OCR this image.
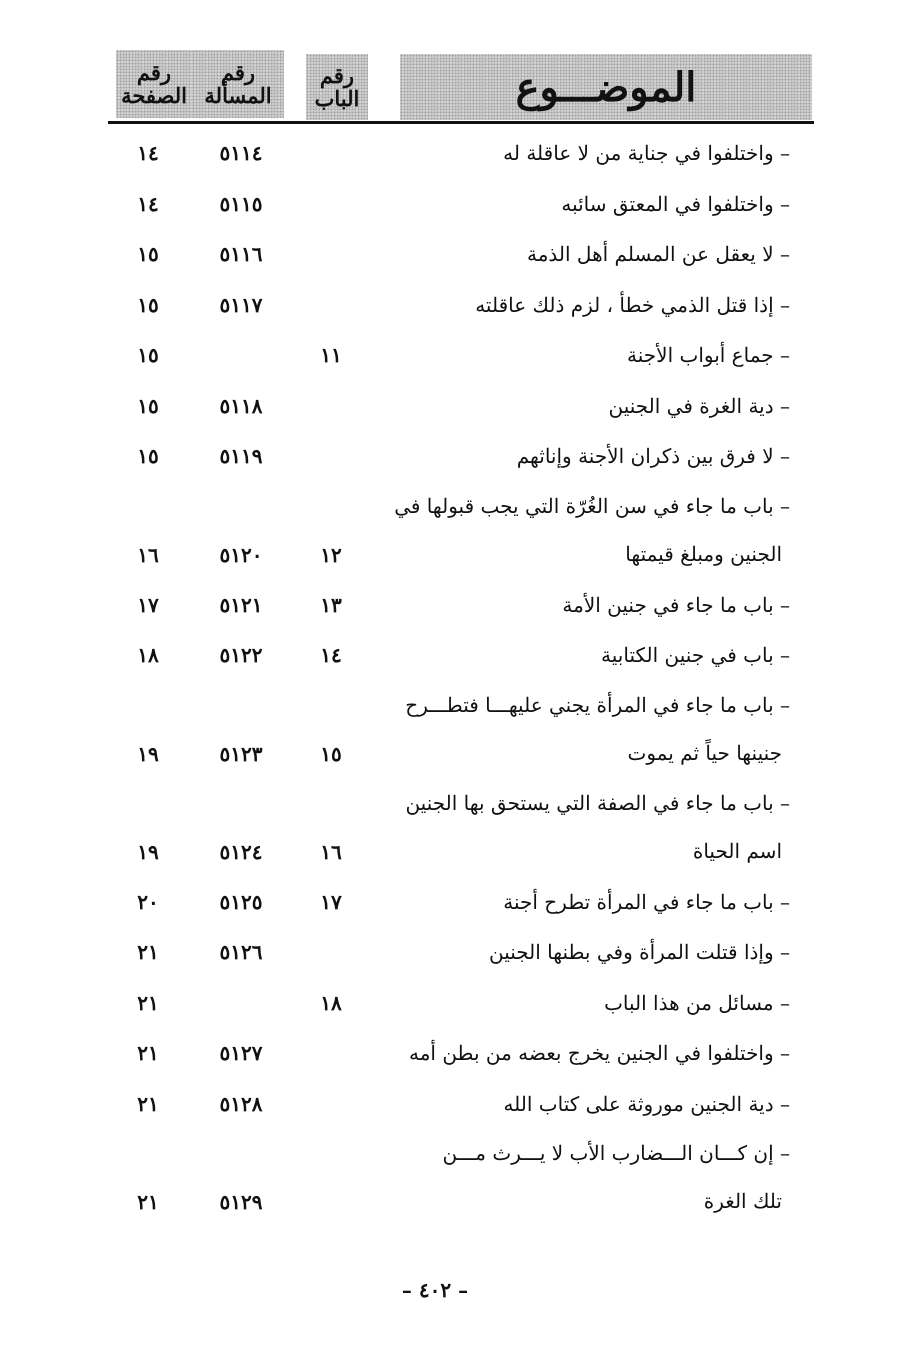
الموضـــوع
رقم
الباب
رقم
المسألة
رقم
الصفحة
– واختلفوا في جناية من لا عاقلة له
٥١١٤
١٤
– واختلفوا في المعتق سائبه
٥١١٥
١٤
– لا يعقل عن المسلم أهل الذمة
٥١١٦
١٥
– إذا قتل الذمي خطأ ، لزم ذلك عاقلته
٥١١٧
١٥
– جماع أبواب الأجنة
١١
١٥
– دية الغرة في الجنين
٥١١٨
١٥
– لا فرق بين ذكران الأجنة وإناثهم
٥١١٩
١٥
– باب ما جاء في سن الغُرّة التي يجب قبولها في
الجنين ومبلغ قيمتها
١٢
٥١٢٠
١٦
– باب ما جاء في جنين الأمة
١٣
٥١٢١
١٧
– باب في جنين الكتابية
١٤
٥١٢٢
١٨
– باب ما جاء في المرأة يجني عليهـــا فتطـــرح
جنينها حياً ثم يموت
١٥
٥١٢٣
١٩
– باب ما جاء في الصفة التي يستحق بها الجنين
اسم الحياة
١٦
٥١٢٤
١٩
– باب ما جاء في المرأة تطرح أجنة
١٧
٥١٢٥
٢٠
– وإذا قتلت المرأة وفي بطنها الجنين
٥١٢٦
٢١
– مسائل من هذا الباب
١٨
٢١
– واختلفوا في الجنين يخرج بعضه من بطن أمه
٥١٢٧
٢١
– دية الجنين موروثة على كتاب الله
٥١٢٨
٢١
– إن كـــان الـــضارب الأب لا يـــرث مـــن
تلك الغرة
٥١٢٩
٢١
– ٤٠٢ –
